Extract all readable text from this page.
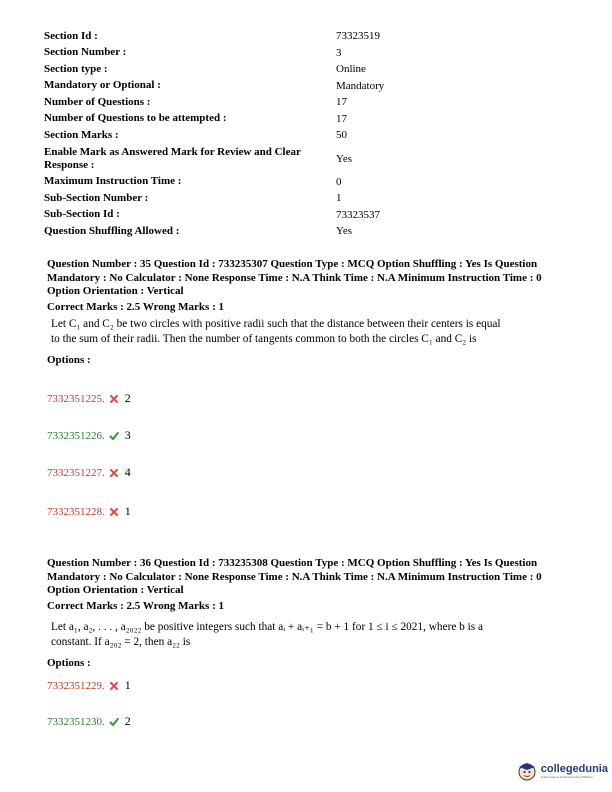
Section Id :	73323519
Section Number :	3
Section type :	Online
Mandatory or Optional :	Mandatory
Number of Questions :	17
Number of Questions to be attempted :	17
Section Marks :	50
Enable Mark as Answered Mark for Review and Clear Response :	Yes
Maximum Instruction Time :	0
Sub-Section Number :	1
Sub-Section Id :	73323537
Question Shuffling Allowed :	Yes

Question Number : 35 Question Id : 733235307 Question Type : MCQ Option Shuffling : Yes Is Question Mandatory : No Calculator : None Response Time : N.A Think Time : N.A Minimum Instruction Time : 0 Option Orientation : Vertical

Correct Marks : 2.5 Wrong Marks : 1
Let C₁ and C₂ be two circles with positive radii such that the distance between their centers is equal to the sum of their radii. Then the number of tangents common to both the circles C₁ and C₂ is
Options :
7332351225. 2
7332351226. 3
7332351227. 4
7332351228. 1

Question Number : 36 Question Id : 733235308 Question Type : MCQ Option Shuffling : Yes Is Question Mandatory : No Calculator : None Response Time : N.A Think Time : N.A Minimum Instruction Time : 0 Option Orientation : Vertical

Correct Marks : 2.5 Wrong Marks : 1
Let a₁, a₂, . . . , a₂₀₂₂ be positive integers such that aᵢ + aᵢ₊₁ = b + 1 for 1 ≤ i ≤ 2021, where b is a constant. If a₂₀₂ = 2, then a₂₂ is
Options :
7332351229. 1
7332351230. 2
collegedunia
India's largest Student Review Platform
